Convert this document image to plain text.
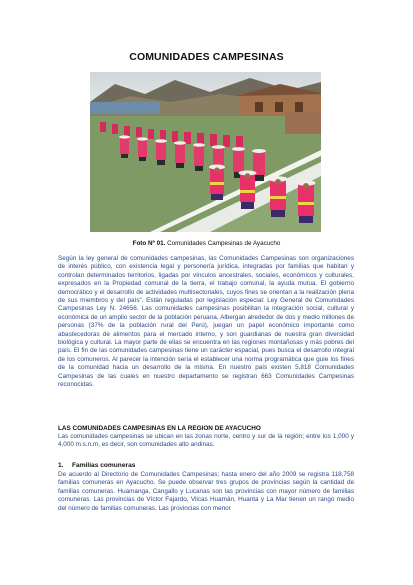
COMUNIDADES CAMPESINAS
Foto Nº 01. Comunidades Campesinas de Ayacucho

Según la ley general de comunidades campesinas, las Comunidades Campesinas son organizaciones de interés público, con existencia legal y personería jurídica, integradas por familias que habitan y controlan determinados territorios, ligadas por vínculos ancestrales, sociales, económicos y culturales, expresados en la Propiedad comunal de la tierra, el trabajo comunal, la ayuda mutua. El gobierno democrático y el desarrollo de actividades multisectoriales, cuyos fines se orientan a la realización plena de sus miembros y del país". Están reguladas por legislación especial: Ley General de Comunidades Campesinas Ley N. 24656. Las comunidades campesinas posibilitan la integración social, cultural y económica de un amplio sector de la población peruana. Albergan alrededor de dos y medio millones de personas (37% de la población rural del Perú), juegan un papel económico importante como abastecedoras de alimentos para el mercado interno, y son guardianas de nuestra gran diversidad biológica y cultural. La mayor parte de ellas se encuentra en las regiones montañosas y más pobres del país. El fin de las comunidades campesinas tiene un carácter espacial, pues busca el desarrollo integral de los comuneros. Al parecer la intención sería el establecer una norma programática que guíe los fines de la comunidad hacia un desarrollo de la misma. En nuestro país existen 5,818 Comunidades Campesinas de las cuales en nuestro departamento se registran 663 Comunidades Campesinas reconocidas.

LAS COMUNIDADES CAMPESINAS EN LA REGION DE AYACUCHO

Las comunidades campesinas se ubican en las zonas norte, centro y sur de la región; entre los 1,000 y 4,000 m.s.n.m, es decir, son comunidades alto andinas.

1. Familias comuneras

De acuerdo al Directorio de Comunidades Campesinas; hasta enero del año 2009 se registra 118,758 familias comuneras en Ayacucho. Se puede observar tres grupos de provincias según la cantidad de familias comuneras. Huamanga, Cangallo y Lucanas son las provincias con mayor número de familias comuneras. Las provincias de Víctor Fajardo, Vilcas Huamán, Huanta y La Mar tienen un rango medio del número de familias comuneras. Las provincias con menor
